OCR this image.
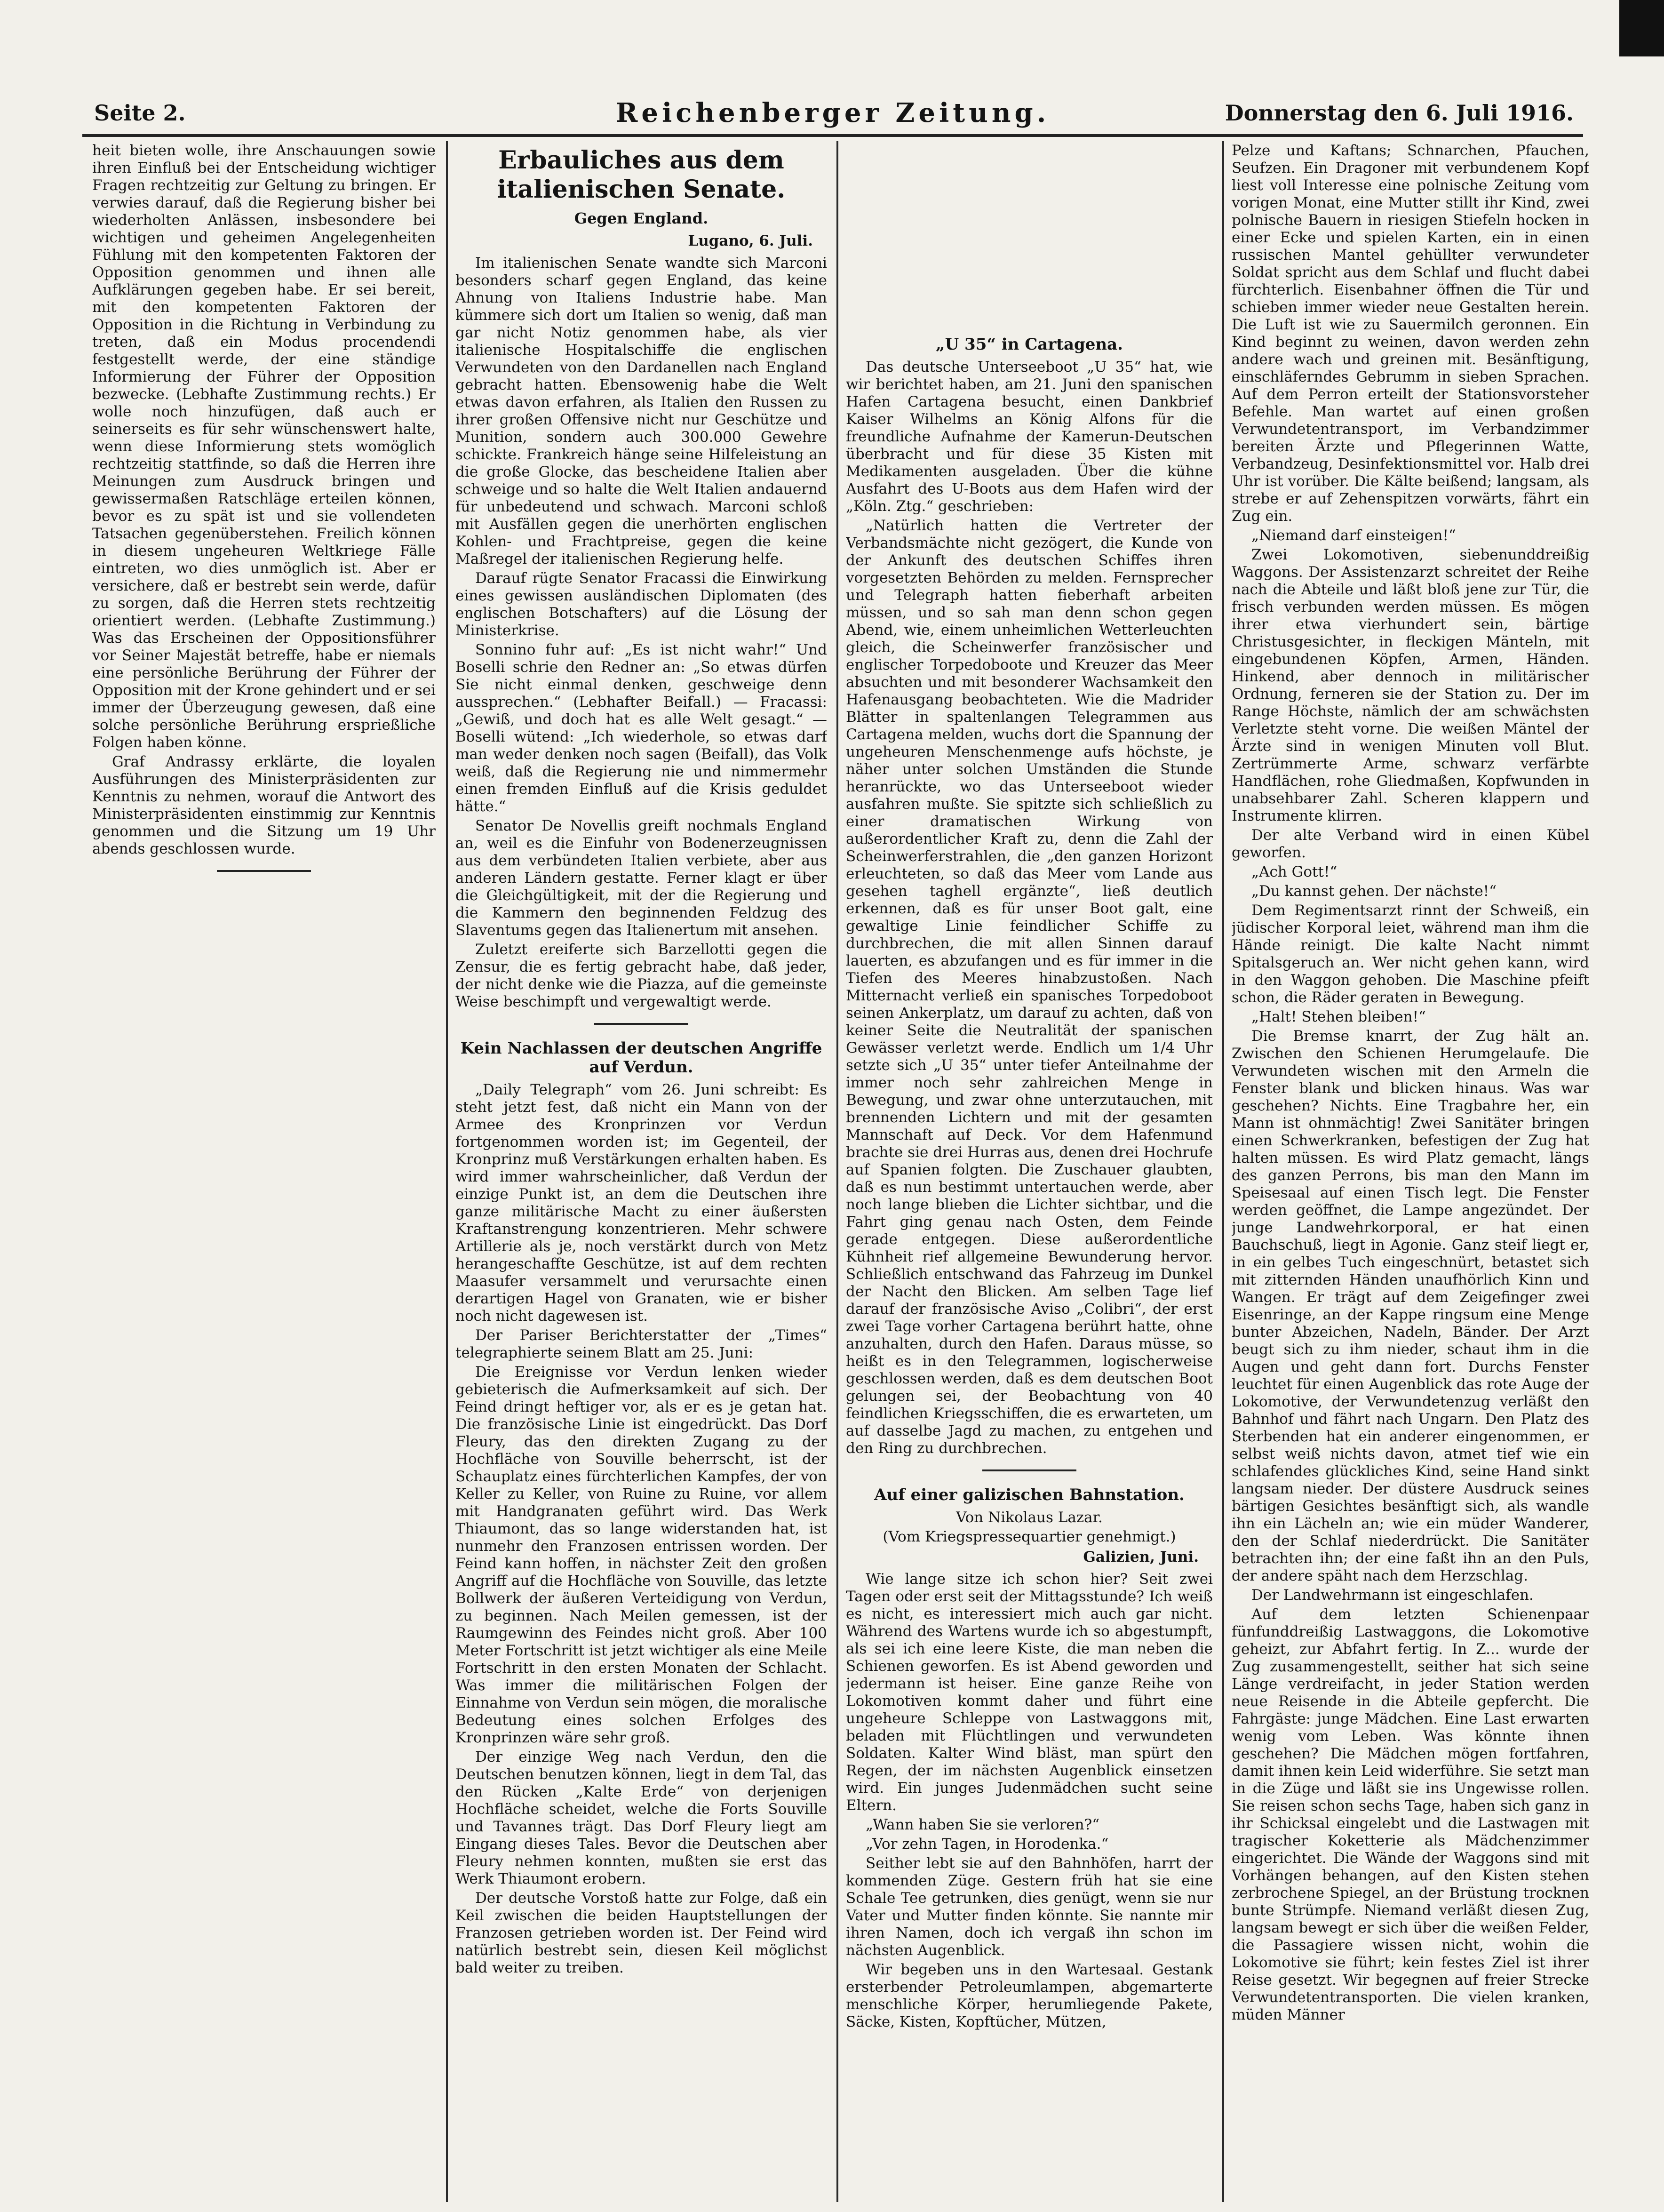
Seite 2.	Reichenberger Zeitung.	Donnerstag den 6. Juli 1916.

heit bieten wolle, ihre Anschauungen sowie ihren Einfluß bei der Entscheidung wichtiger Fragen rechtzeitig zur Geltung zu bringen. Er verwies darauf, daß die Regierung bisher bei wiederholten Anlässen, insbesondere bei wichtigen und geheimen Angelegenheiten Fühlung mit den kompetenten Faktoren der Opposition genommen und ihnen alle Aufklärungen gegeben habe. Er sei bereit, mit den kompetenten Faktoren der Opposition in die Richtung in Verbindung zu treten, daß ein Modus procendendi festgestellt werde, der eine ständige Informierung der Führer der Opposition bezwecke. (Lebhafte Zustimmung rechts.) Er wolle noch hinzufügen, daß auch er seinerseits es für sehr wünschenswert halte, wenn diese Informierung stets womöglich rechtzeitig stattfinde, so daß die Herren ihre Meinungen zum Ausdruck bringen und gewissermaßen Ratschläge erteilen können, bevor es zu spät ist und sie vollendeten Tatsachen gegenüberstehen. Freilich können in diesem ungeheuren Weltkriege Fälle eintreten, wo dies unmöglich ist. Aber er versichere, daß er bestrebt sein werde, dafür zu sorgen, daß die Herren stets rechtzeitig orientiert werden. (Lebhafte Zustimmung.) Was das Erscheinen der Oppositionsführer vor Seiner Majestät betreffe, habe er niemals eine persönliche Berührung der Führer der Opposition mit der Krone gehindert und er sei immer der Überzeugung gewesen, daß eine solche persönliche Berührung ersprießliche Folgen haben könne.

Graf Andrassy erklärte, die loyalen Ausführungen des Ministerpräsidenten zur Kenntnis zu nehmen, worauf die Antwort des Ministerpräsidenten einstimmig zur Kenntnis genommen und die Sitzung um 19 Uhr abends geschlossen wurde.

Erbauliches aus dem italienischen Senate.
Gegen England.
Lugano, 6. Juli.

Im italienischen Senate wandte sich Marconi besonders scharf gegen England, das keine Ahnung von Italiens Industrie habe. Man kümmere sich dort um Italien so wenig, daß man gar nicht Notiz genommen habe, als vier italienische Hospitalschiffe die englischen Verwundeten von den Dardanellen nach England gebracht hatten. Ebensowenig habe die Welt etwas davon erfahren, als Italien den Russen zu ihrer großen Offensive nicht nur Geschütze und Munition, sondern auch 300.000 Gewehre schickte. Frankreich hänge seine Hilfeleistung an die große Glocke, das bescheidene Italien aber schweige und so halte die Welt Italien andauernd für unbedeutend und schwach. Marconi schloß mit Ausfällen gegen die unerhörten englischen Kohlen- und Frachtpreise, gegen die keine Maßregel der italienischen Regierung helfe.

Darauf rügte Senator Fracassi die Einwirkung eines gewissen ausländischen Diplomaten (des englischen Botschafters) auf die Lösung der Ministerkrise.

Sonnino fuhr auf: „Es ist nicht wahr!“ Und Boselli schrie den Redner an: „So etwas dürfen Sie nicht einmal denken, geschweige denn aussprechen.“ (Lebhafter Beifall.) — Fracassi: „Gewiß, und doch hat es alle Welt gesagt.“ — Boselli wütend: „Ich wiederhole, so etwas darf man weder denken noch sagen (Beifall), das Volk weiß, daß die Regierung nie und nimmermehr einen fremden Einfluß auf die Krisis geduldet hätte.“

Senator De Novellis greift nochmals England an, weil es die Einfuhr von Bodenerzeugnissen aus dem verbündeten Italien verbiete, aber aus anderen Ländern gestatte. Ferner klagt er über die Gleichgültigkeit, mit der die Regierung und die Kammern den beginnenden Feldzug des Slaventums gegen das Italienertum mit ansehen.

Zuletzt ereiferte sich Barzellotti gegen die Zensur, die es fertig gebracht habe, daß jeder, der nicht denke wie die Piazza, auf die gemeinste Weise beschimpft und vergewaltigt werde.

Kein Nachlassen der deutschen Angriffe auf Verdun.

„Daily Telegraph“ vom 26. Juni schreibt: Es steht jetzt fest, daß nicht ein Mann von der Armee des Kronprinzen vor Verdun fortgenommen worden ist; im Gegenteil, der Kronprinz muß Verstärkungen erhalten haben. Es wird immer wahrscheinlicher, daß Verdun der einzige Punkt ist, an dem die Deutschen ihre ganze militärische Macht zu einer äußersten Kraftanstrengung konzentrieren. Mehr schwere Artillerie als je, noch verstärkt durch von Metz herangeschaffte Geschütze, ist auf dem rechten Maasufer versammelt und verursachte einen derartigen Hagel von Granaten, wie er bisher noch nicht dagewesen ist.

Der Pariser Berichterstatter der „Times“ telegraphierte seinem Blatt am 25. Juni:

Die Ereignisse vor Verdun lenken wieder gebieterisch die Aufmerksamkeit auf sich. Der Feind dringt heftiger vor, als er es je getan hat. Die französische Linie ist eingedrückt. Das Dorf Fleury, das den direkten Zugang zu der Hochfläche von Souville beherrscht, ist der Schauplatz eines fürchterlichen Kampfes, der von Keller zu Keller, von Ruine zu Ruine, vor allem mit Handgranaten geführt wird. Das Werk Thiaumont, das so lange widerstanden hat, ist nunmehr den Franzosen entrissen worden. Der Feind kann hoffen, in nächster Zeit den großen Angriff auf die Hochfläche von Souville, das letzte Bollwerk der äußeren Verteidigung von Verdun, zu beginnen. Nach Meilen gemessen, ist der Raumgewinn des Feindes nicht groß. Aber 100 Meter Fortschritt ist jetzt wichtiger als eine Meile Fortschritt in den ersten Monaten der Schlacht. Was immer die militärischen Folgen der Einnahme von Verdun sein mögen, die moralische Bedeutung eines solchen Erfolges des Kronprinzen wäre sehr groß.

Der einzige Weg nach Verdun, den die Deutschen benutzen können, liegt in dem Tal, das den Rücken „Kalte Erde“ von derjenigen Hochfläche scheidet, welche die Forts Souville und Tavannes trägt. Das Dorf Fleury liegt am Eingang dieses Tales. Bevor die Deutschen aber Fleury nehmen konnten, mußten sie erst das Werk Thiaumont erobern.

Der deutsche Vorstoß hatte zur Folge, daß ein Keil zwischen die beiden Hauptstellungen der Franzosen getrieben worden ist. Der Feind wird natürlich bestrebt sein, diesen Keil möglichst bald weiter zu treiben.

„U 35“ in Cartagena.

Das deutsche Unterseeboot „U 35“ hat, wie wir berichtet haben, am 21. Juni den spanischen Hafen Cartagena besucht, einen Dankbrief Kaiser Wilhelms an König Alfons für die freundliche Aufnahme der Kamerun-Deutschen überbracht und für diese 35 Kisten mit Medikamenten ausgeladen. Über die kühne Ausfahrt des U-Boots aus dem Hafen wird der „Köln. Ztg.“ geschrieben:

„Natürlich hatten die Vertreter der Verbandsmächte nicht gezögert, die Kunde von der Ankunft des deutschen Schiffes ihren vorgesetzten Behörden zu melden. Fernsprecher und Telegraph hatten fieberhaft arbeiten müssen, und so sah man denn schon gegen Abend, wie, einem unheimlichen Wetterleuchten gleich, die Scheinwerfer französischer und englischer Torpedoboote und Kreuzer das Meer absuchten und mit besonderer Wachsamkeit den Hafenausgang beobachteten. Wie die Madrider Blätter in spaltenlangen Telegrammen aus Cartagena melden, wuchs dort die Spannung der ungeheuren Menschenmenge aufs höchste, je näher unter solchen Umständen die Stunde heranrückte, wo das Unterseeboot wieder ausfahren mußte. Sie spitzte sich schließlich zu einer dramatischen Wirkung von außerordentlicher Kraft zu, denn die Zahl der Scheinwerferstrahlen, die „den ganzen Horizont erleuchteten, so daß das Meer vom Lande aus gesehen taghell ergänzte“, ließ deutlich erkennen, daß es für unser Boot galt, eine gewaltige Linie feindlicher Schiffe zu durchbrechen, die mit allen Sinnen darauf lauerten, es abzufangen und es für immer in die Tiefen des Meeres hinabzustoßen. Nach Mitternacht verließ ein spanisches Torpedoboot seinen Ankerplatz, um darauf zu achten, daß von keiner Seite die Neutralität der spanischen Gewässer verletzt werde. Endlich um 1/4 Uhr setzte sich „U 35“ unter tiefer Anteilnahme der immer noch sehr zahlreichen Menge in Bewegung, und zwar ohne unterzutauchen, mit brennenden Lichtern und mit der gesamten Mannschaft auf Deck. Vor dem Hafenmund brachte sie drei Hurras aus, denen drei Hochrufe auf Spanien folgten. Die Zuschauer glaubten, daß es nun bestimmt untertauchen werde, aber noch lange blieben die Lichter sichtbar, und die Fahrt ging genau nach Osten, dem Feinde gerade entgegen. Diese außerordentliche Kühnheit rief allgemeine Bewunderung hervor. Schließlich entschwand das Fahrzeug im Dunkel der Nacht den Blicken. Am selben Tage lief darauf der französische Aviso „Colibri“, der erst zwei Tage vorher Cartagena berührt hatte, ohne anzuhalten, durch den Hafen. Daraus müsse, so heißt es in den Telegrammen, logischerweise geschlossen werden, daß es dem deutschen Boot gelungen sei, der Beobachtung von 40 feindlichen Kriegsschiffen, die es erwarteten, um auf dasselbe Jagd zu machen, zu entgehen und den Ring zu durchbrechen.

Auf einer galizischen Bahnstation.
Von Nikolaus Lazar.
(Vom Kriegspressequartier genehmigt.)
Galizien, Juni.

Wie lange sitze ich schon hier? Seit zwei Tagen oder erst seit der Mittagsstunde? Ich weiß es nicht, es interessiert mich auch gar nicht. Während des Wartens wurde ich so abgestumpft, als sei ich eine leere Kiste, die man neben die Schienen geworfen. Es ist Abend geworden und jedermann ist heiser. Eine ganze Reihe von Lokomotiven kommt daher und führt eine ungeheure Schleppe von Lastwaggons mit, beladen mit Flüchtlingen und verwundeten Soldaten. Kalter Wind bläst, man spürt den Regen, der im nächsten Augenblick einsetzen wird. Ein junges Judenmädchen sucht seine Eltern.

„Wann haben Sie sie verloren?“

„Vor zehn Tagen, in Horodenka.“

Seither lebt sie auf den Bahnhöfen, harrt der kommenden Züge. Gestern früh hat sie eine Schale Tee getrunken, dies genügt, wenn sie nur Vater und Mutter finden könnte. Sie nannte mir ihren Namen, doch ich vergaß ihn schon im nächsten Augenblick.

Wir begeben uns in den Wartesaal. Gestank ersterbender Petroleumlampen, abgemarterte menschliche Körper, herumliegende Pakete, Säcke, Kisten, Kopftücher, Mützen,

Pelze und Kaftans; Schnarchen, Pfauchen, Seufzen. Ein Dragoner mit verbundenem Kopf liest voll Interesse eine polnische Zeitung vom vorigen Monat, eine Mutter stillt ihr Kind, zwei polnische Bauern in riesigen Stiefeln hocken in einer Ecke und spielen Karten, ein in einen russischen Mantel gehüllter verwundeter Soldat spricht aus dem Schlaf und flucht dabei fürchterlich. Eisenbahner öffnen die Tür und schieben immer wieder neue Gestalten herein. Die Luft ist wie zu Sauermilch geronnen. Ein Kind beginnt zu weinen, davon werden zehn andere wach und greinen mit. Besänftigung, einschläferndes Gebrumm in sieben Sprachen. Auf dem Perron erteilt der Stationsvorsteher Befehle. Man wartet auf einen großen Verwundetentransport, im Verbandzimmer bereiten Ärzte und Pflegerinnen Watte, Verbandzeug, Desinfektionsmittel vor. Halb drei Uhr ist vorüber. Die Kälte beißend; langsam, als strebe er auf Zehenspitzen vorwärts, fährt ein Zug ein.

„Niemand darf einsteigen!“

Zwei Lokomotiven, siebenunddreißig Waggons. Der Assistenzarzt schreitet der Reihe nach die Abteile und läßt bloß jene zur Tür, die frisch verbunden werden müssen. Es mögen ihrer etwa vierhundert sein, bärtige Christusgesichter, in fleckigen Mänteln, mit eingebundenen Köpfen, Armen, Händen. Hinkend, aber dennoch in militärischer Ordnung, ferneren sie der Station zu. Der im Range Höchste, nämlich der am schwächsten Verletzte steht vorne. Die weißen Mäntel der Ärzte sind in wenigen Minuten voll Blut. Zertrümmerte Arme, schwarz verfärbte Handflächen, rohe Gliedmaßen, Kopfwunden in unabsehbarer Zahl. Scheren klappern und Instrumente klirren.

Der alte Verband wird in einen Kübel geworfen.

„Ach Gott!“

„Du kannst gehen. Der nächste!“

Dem Regimentsarzt rinnt der Schweiß, ein jüdischer Korporal leiet, während man ihm die Hände reinigt. Die kalte Nacht nimmt Spitalsgeruch an. Wer nicht gehen kann, wird in den Waggon gehoben. Die Maschine pfeift schon, die Räder geraten in Bewegung.

„Halt! Stehen bleiben!“

Die Bremse knarrt, der Zug hält an. Zwischen den Schienen Herumgelaufe. Die Verwundeten wischen mit den Armeln die Fenster blank und blicken hinaus. Was war geschehen? Nichts. Eine Tragbahre her, ein Mann ist ohnmächtig! Zwei Sanitäter bringen einen Schwerkranken, befestigen der Zug hat halten müssen. Es wird Platz gemacht, längs des ganzen Perrons, bis man den Mann im Speisesaal auf einen Tisch legt. Die Fenster werden geöffnet, die Lampe angezündet. Der junge Landwehrkorporal, er hat einen Bauchschuß, liegt in Agonie. Ganz steif liegt er, in ein gelbes Tuch eingeschnürt, betastet sich mit zitternden Händen unaufhörlich Kinn und Wangen. Er trägt auf dem Zeigefinger zwei Eisenringe, an der Kappe ringsum eine Menge bunter Abzeichen, Nadeln, Bänder. Der Arzt beugt sich zu ihm nieder, schaut ihm in die Augen und geht dann fort. Durchs Fenster leuchtet für einen Augenblick das rote Auge der Lokomotive, der Verwundetenzug verläßt den Bahnhof und fährt nach Ungarn. Den Platz des Sterbenden hat ein anderer eingenommen, er selbst weiß nichts davon, atmet tief wie ein schlafendes glückliches Kind, seine Hand sinkt langsam nieder. Der düstere Ausdruck seines bärtigen Gesichtes besänftigt sich, als wandle ihn ein Lächeln an; wie ein müder Wanderer, den der Schlaf niederdrückt. Die Sanitäter betrachten ihn; der eine faßt ihn an den Puls, der andere späht nach dem Herzschlag.

Der Landwehrmann ist eingeschlafen.

Auf dem letzten Schienenpaar fünfunddreißig Lastwaggons, die Lokomotive geheizt, zur Abfahrt fertig. In Z... wurde der Zug zusammengestellt, seither hat sich seine Länge verdreifacht, in jeder Station werden neue Reisende in die Abteile gepfercht. Die Fahrgäste: junge Mädchen. Eine Last erwarten wenig vom Leben. Was könnte ihnen geschehen? Die Mädchen mögen fortfahren, damit ihnen kein Leid widerführe. Sie setzt man in die Züge und läßt sie ins Ungewisse rollen. Sie reisen schon sechs Tage, haben sich ganz in ihr Schicksal eingelebt und die Lastwagen mit tragischer Koketterie als Mädchenzimmer eingerichtet. Die Wände der Waggons sind mit Vorhängen behangen, auf den Kisten stehen zerbrochene Spiegel, an der Brüstung trocknen bunte Strümpfe. Niemand verläßt diesen Zug, langsam bewegt er sich über die weißen Felder, die Passagiere wissen nicht, wohin die Lokomotive sie führt; kein festes Ziel ist ihrer Reise gesetzt. Wir begegnen auf freier Strecke Verwundetentransporten. Die vielen kranken, müden Männer
